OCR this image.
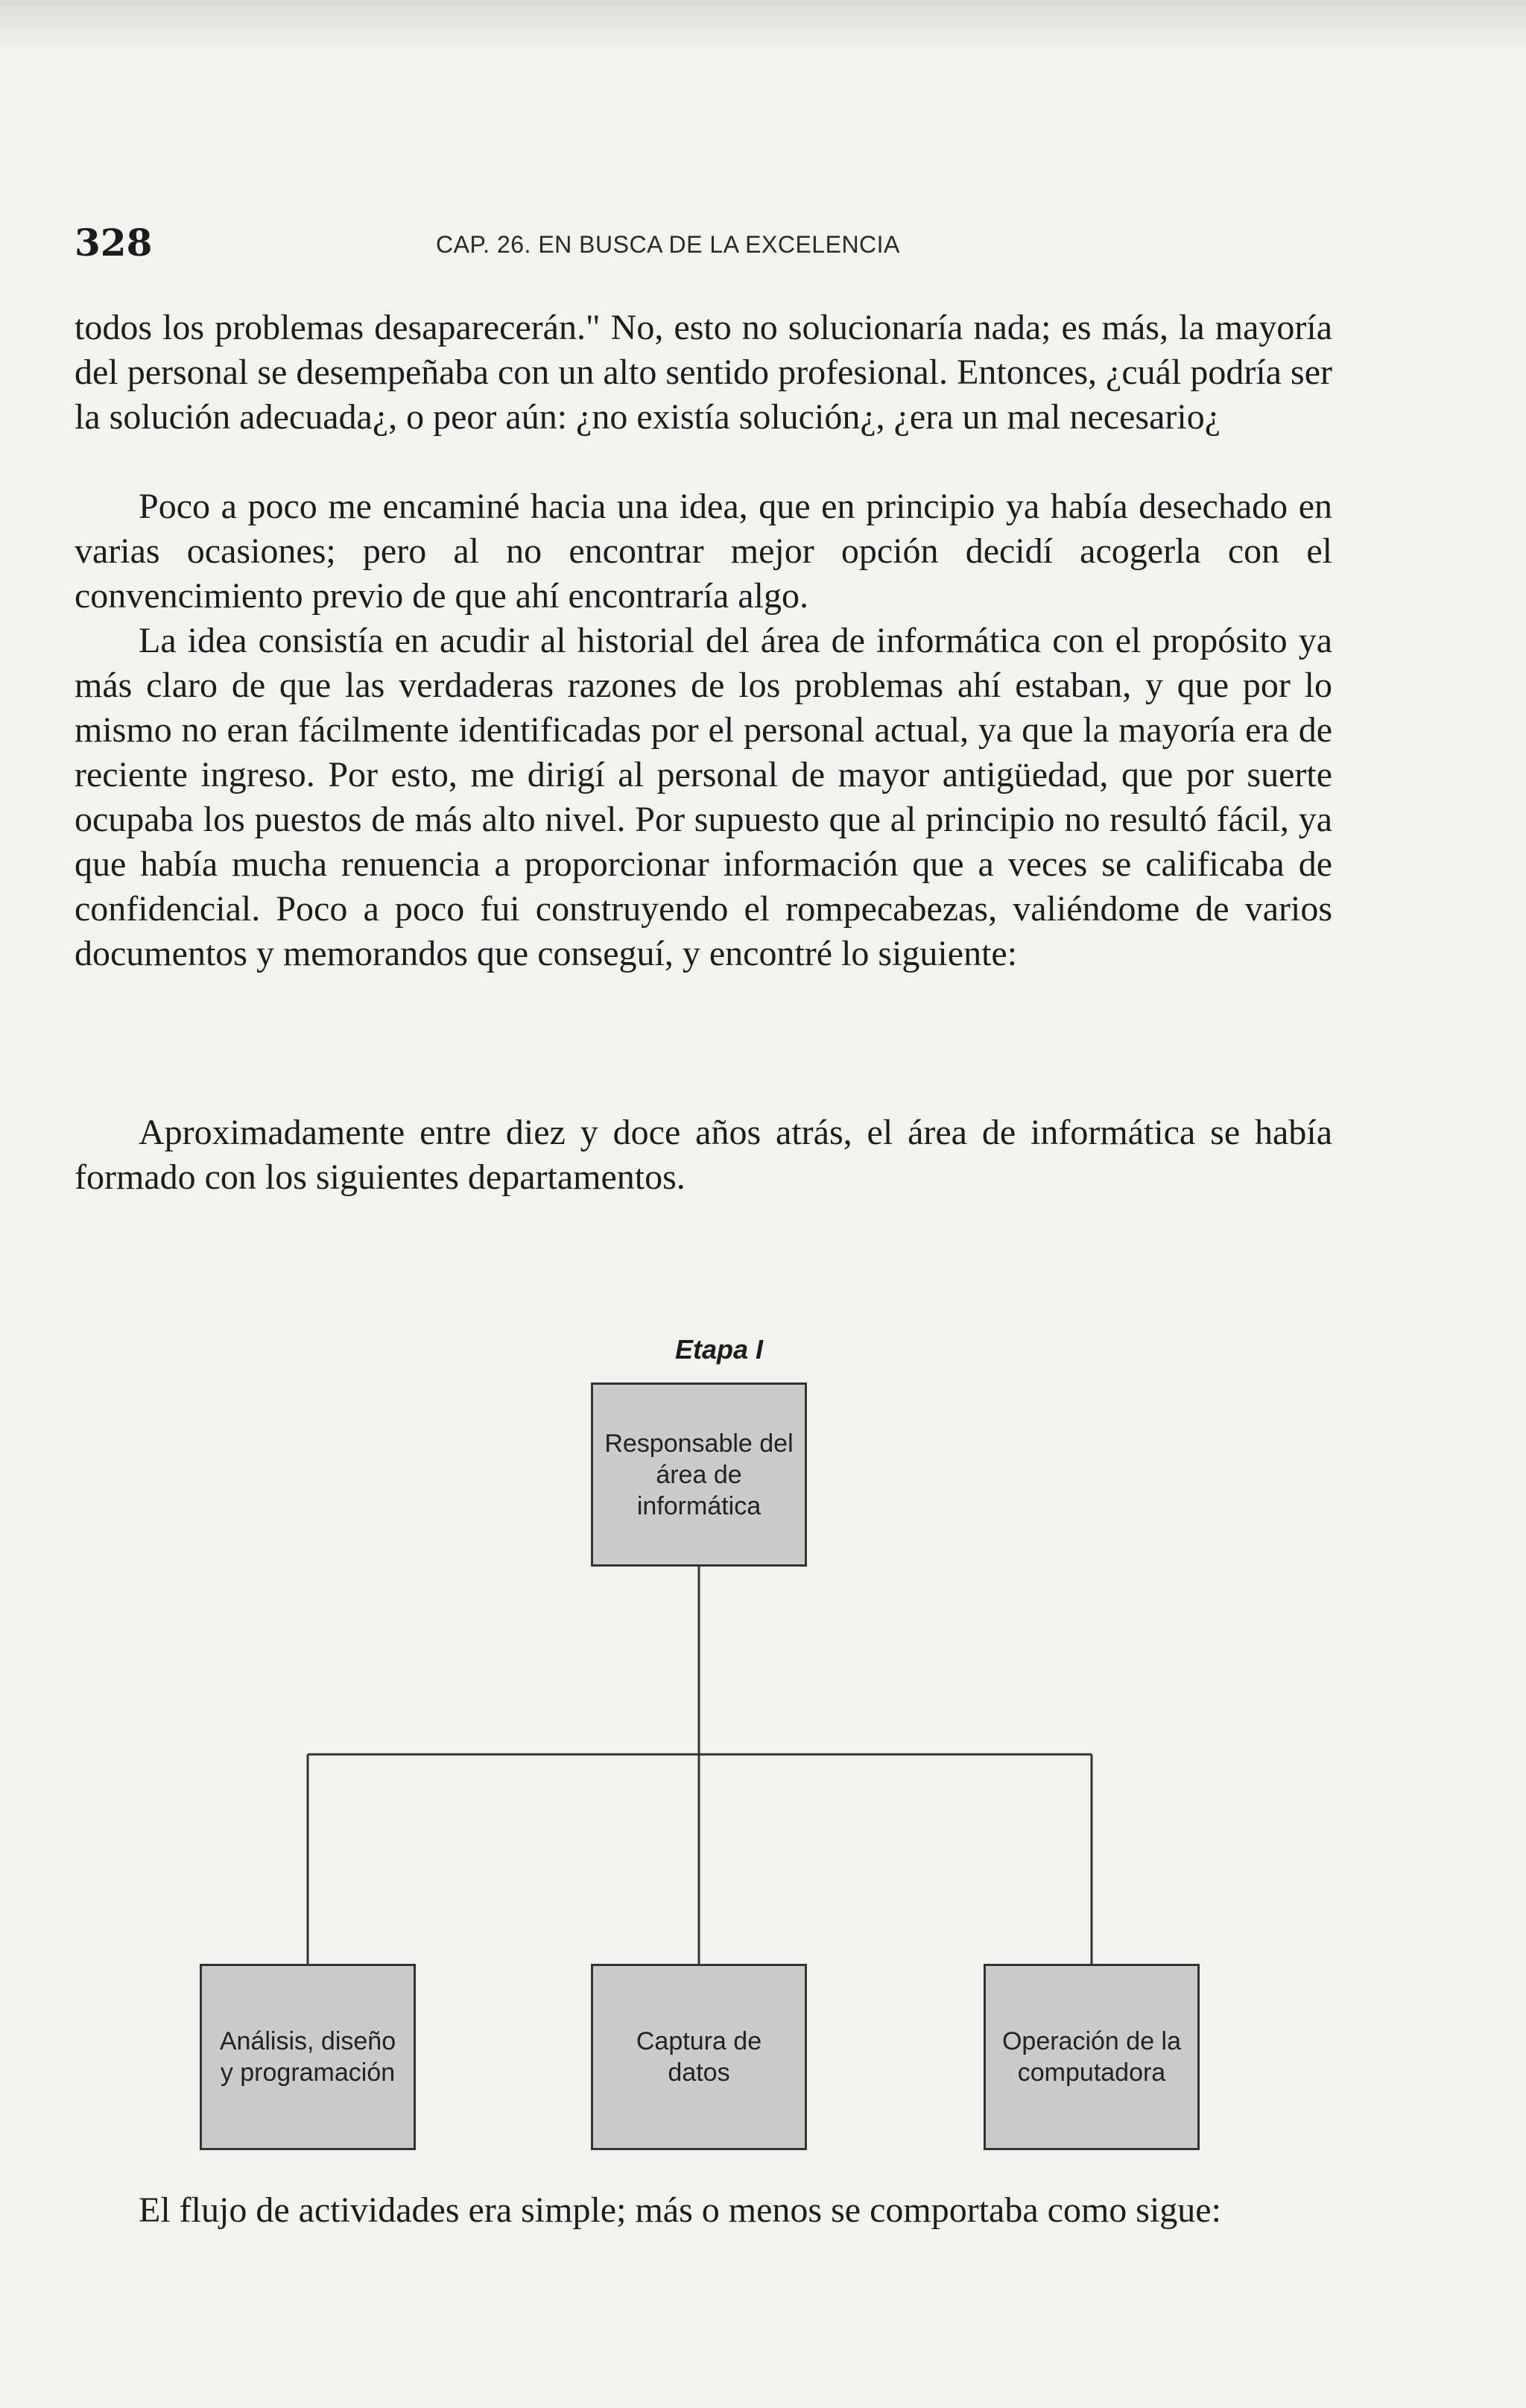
328	CAP. 26. EN BUSCA DE LA EXCELENCIA

todos los problemas desaparecerán." No, esto no solucionaría nada; es más, la mayoría del personal se desempeñaba con un alto sentido profesional. Entonces, ¿cuál podría ser la solución adecuada¿, o peor aún: ¿no existía solución¿, ¿era un mal necesario¿

Poco a poco me encaminé hacia una idea, que en principio ya había desechado en varias ocasiones; pero al no encontrar mejor opción decidí acogerla con el convencimiento previo de que ahí encontraría algo.

La idea consistía en acudir al historial del área de informática con el propósito ya más claro de que las verdaderas razones de los problemas ahí estaban, y que por lo mismo no eran fácilmente identificadas por el personal actual, ya que la mayoría era de reciente ingreso. Por esto, me dirigí al personal de mayor antigüedad, que por suerte ocupaba los puestos de más alto nivel. Por supuesto que al principio no resultó fácil, ya que había mucha renuencia a proporcionar información que a veces se calificaba de confidencial. Poco a poco fui construyendo el rompecabezas, valiéndome de varios documentos y memorandos que conseguí, y encontré lo siguiente:

Aproximadamente entre diez y doce años atrás, el área de informática se había formado con los siguientes departamentos.

Etapa I
Responsable del área de informática
Análisis, diseño y programación
Captura de datos
Operación de la computadora

El flujo de actividades era simple; más o menos se comportaba como sigue:
